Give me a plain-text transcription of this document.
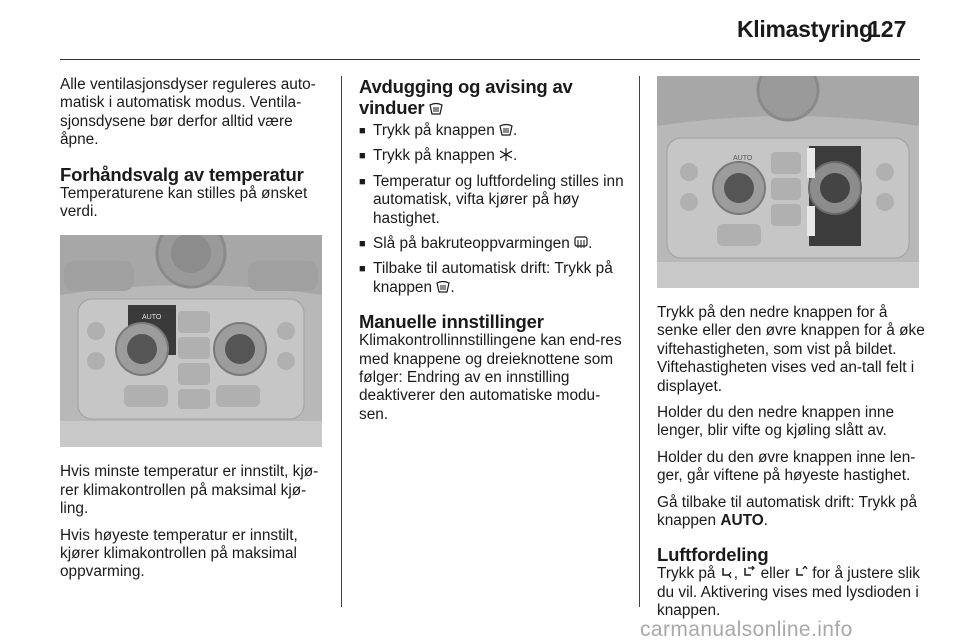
Klimastyring
127

Alle ventilasjonsdyser reguleres auto-matisk i automatisk modus. Ventila-sjonsdysene bør derfor alltid være åpne.

Forhåndsvalg av temperatur

Temperaturene kan stilles på ønsket verdi.

AUTO

Hvis minste temperatur er innstilt, kjø-rer klimakontrollen på maksimal kjø-ling.

Hvis høyeste temperatur er innstilt, kjører klimakontrollen på maksimal oppvarming.

Avdugging og avising av
vinduer
■ Trykk på knappen .
■ Trykk på knappen .
■ Temperatur og luftfordeling stilles inn automatisk, vifta kjører på høy hastighet.
■ Slå på bakruteoppvarmingen .
■ Tilbake til automatisk drift: Trykk på knappen .
Manuelle innstillinger

Klimakontrollinnstillingene kan end-res med knappene og dreieknottene som følger: Endring av en innstilling deaktiverer den automatiske modu-sen.

AUTO

Trykk på den nedre knappen for å senke eller den øvre knappen for å øke viftehastigheten, som vist på bildet. Viftehastigheten vises ved an-tall felt i displayet.

Holder du den nedre knappen inne lenger, blir vifte og kjøling slått av.

Holder du den øvre knappen inne len-ger, går viftene på høyeste hastighet.

Gå tilbake til automatisk drift: Trykk på knappen AUTO.

Luftfordeling

Trykk på , eller for å justere slik du vil. Aktivering vises med lysdioden i knappen.

carmanualsonline.info
